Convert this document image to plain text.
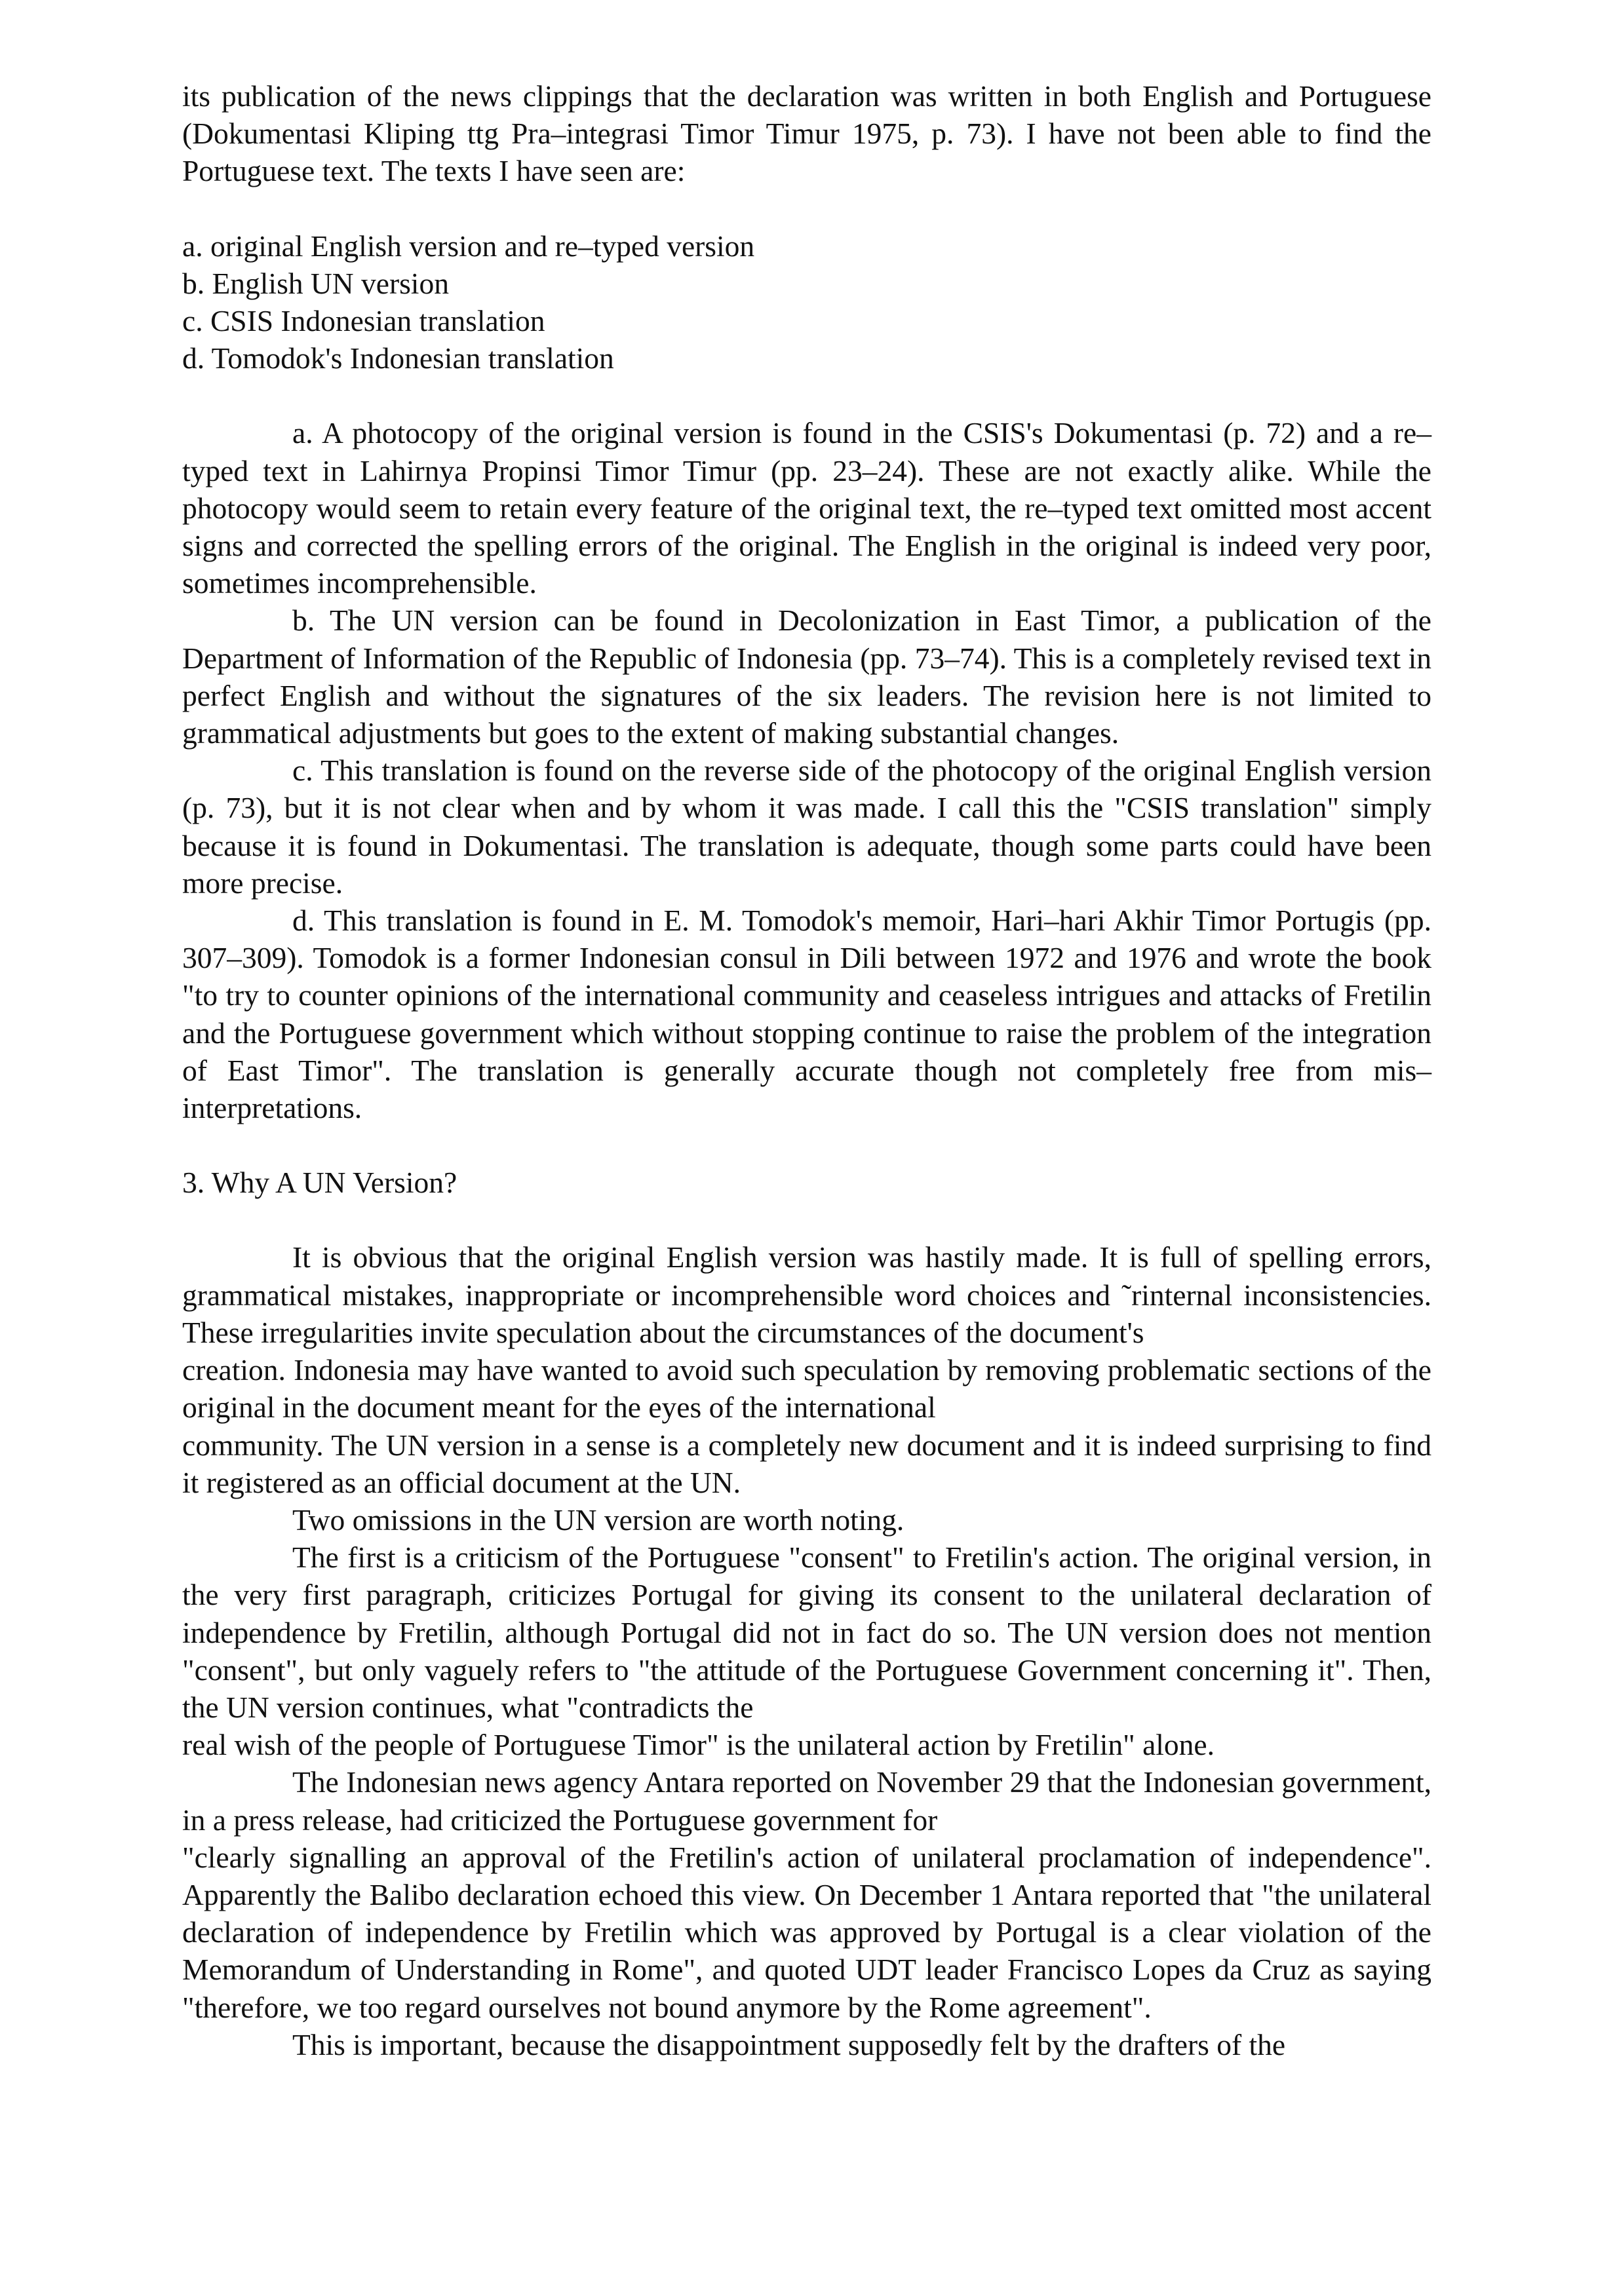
its publication of the news clippings that the declaration was written in both English and Portuguese (Dokumentasi Kliping ttg Pra–integrasi Timor Timur 1975, p. 73). I have not been able to find the Portuguese text. The texts I have seen are:

a. original English version and re–typed version

b. English UN version

c. CSIS Indonesian translation

d. Tomodok's Indonesian translation

a. A photocopy of the original version is found in the CSIS's Dokumentasi (p. 72) and a re–typed text in Lahirnya Propinsi Timor Timur (pp. 23–24). These are not exactly alike. While the photocopy would seem to retain every feature of the original text, the re–typed text omitted most accent signs and corrected the spelling errors of the original. The English in the original is indeed very poor, sometimes incomprehensible.

b. The UN version can be found in Decolonization in East Timor, a publication of the Department of Information of the Republic of Indonesia (pp. 73–74). This is a completely revised text in perfect English and without the signatures of the six leaders. The revision here is not limited to grammatical adjustments but goes to the extent of making substantial changes.

c. This translation is found on the reverse side of the photocopy of the original English version (p. 73), but it is not clear when and by whom it was made. I call this the "CSIS translation" simply because it is found in Dokumentasi. The translation is adequate, though some parts could have been more precise.

d. This translation is found in E. M. Tomodok's memoir, Hari–hari Akhir Timor Portugis (pp. 307–309). Tomodok is a former Indonesian consul in Dili between 1972 and 1976 and wrote the book "to try to counter opinions of the international community and ceaseless intrigues and attacks of Fretilin and the Portuguese government which without stopping continue to raise the problem of the integration of East Timor". The translation is generally accurate though not completely free from mis–interpretations.

3. Why A UN Version?

It is obvious that the original English version was hastily made. It is full of spelling errors, grammatical mistakes, inappropriate or incomprehensible word choices and ˜rinternal inconsistencies. These irregularities invite speculation about the circumstances of the document's

creation. Indonesia may have wanted to avoid such speculation by removing problematic sections of the original in the document meant for the eyes of the international

community. The UN version in a sense is a completely new document and it is indeed surprising to find it registered as an official document at the UN.

Two omissions in the UN version are worth noting.

The first is a criticism of the Portuguese "consent" to Fretilin's action. The original version, in the very first paragraph, criticizes Portugal for giving its consent to the unilateral declaration of independence by Fretilin, although Portugal did not in fact do so. The UN version does not mention "consent", but only vaguely refers to "the attitude of the Portuguese Government concerning it". Then, the UN version continues, what "contradicts the

real wish of the people of Portuguese Timor" is the unilateral action by Fretilin" alone.

The Indonesian news agency Antara reported on November 29 that the Indonesian government, in a press release, had criticized the Portuguese government for

"clearly signalling an approval of the Fretilin's action of unilateral proclamation of independence". Apparently the Balibo declaration echoed this view. On December 1 Antara reported that "the unilateral declaration of independence by Fretilin which was approved by Portugal is a clear violation of the Memorandum of Understanding in Rome", and quoted UDT leader Francisco Lopes da Cruz as saying "therefore, we too regard ourselves not bound anymore by the Rome agreement".

This is important, because the disappointment supposedly felt by the drafters of the
